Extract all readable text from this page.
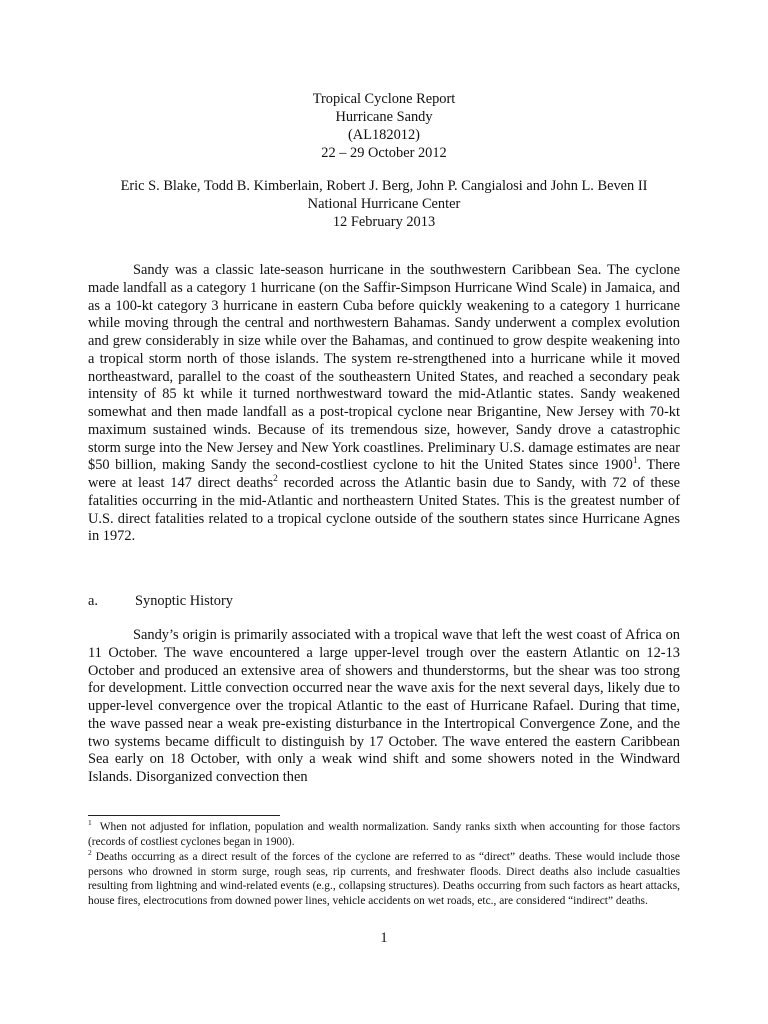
Tropical Cyclone Report
Hurricane Sandy
(AL182012)
22 – 29 October 2012
Eric S. Blake, Todd B. Kimberlain, Robert J. Berg, John P. Cangialosi and John L. Beven II
National Hurricane Center
12 February 2013

Sandy was a classic late-season hurricane in the southwestern Caribbean Sea. The cyclone made landfall as a category 1 hurricane (on the Saffir-Simpson Hurricane Wind Scale) in Jamaica, and as a 100-kt category 3 hurricane in eastern Cuba before quickly weakening to a category 1 hurricane while moving through the central and northwestern Bahamas. Sandy underwent a complex evolution and grew considerably in size while over the Bahamas, and continued to grow despite weakening into a tropical storm north of those islands. The system re-strengthened into a hurricane while it moved northeastward, parallel to the coast of the southeastern United States, and reached a secondary peak intensity of 85 kt while it turned northwestward toward the mid-Atlantic states. Sandy weakened somewhat and then made landfall as a post-tropical cyclone near Brigantine, New Jersey with 70-kt maximum sustained winds. Because of its tremendous size, however, Sandy drove a catastrophic storm surge into the New Jersey and New York coastlines. Preliminary U.S. damage estimates are near $50 billion, making Sandy the second-costliest cyclone to hit the United States since 1900$^1$. There were at least 147 direct deaths$^2$ recorded across the Atlantic basin due to Sandy, with 72 of these fatalities occurring in the mid-Atlantic and northeastern United States. This is the greatest number of U.S. direct fatalities related to a tropical cyclone outside of the southern states since Hurricane Agnes in 1972.

a.	Synoptic History

Sandy’s origin is primarily associated with a tropical wave that left the west coast of Africa on 11 October. The wave encountered a large upper-level trough over the eastern Atlantic on 12-13 October and produced an extensive area of showers and thunderstorms, but the shear was too strong for development. Little convection occurred near the wave axis for the next several days, likely due to upper-level convergence over the tropical Atlantic to the east of Hurricane Rafael. During that time, the wave passed near a weak pre-existing disturbance in the Intertropical Convergence Zone, and the two systems became difficult to distinguish by 17 October. The wave entered the eastern Caribbean Sea early on 18 October, with only a weak wind shift and some showers noted in the Windward Islands. Disorganized convection then

$^1$ When not adjusted for inflation, population and wealth normalization. Sandy ranks sixth when accounting for those factors (records of costliest cyclones began in 1900).

$^2$ Deaths occurring as a direct result of the forces of the cyclone are referred to as “direct” deaths. These would include those persons who drowned in storm surge, rough seas, rip currents, and freshwater floods. Direct deaths also include casualties resulting from lightning and wind-related events (e.g., collapsing structures). Deaths occurring from such factors as heart attacks, house fires, electrocutions from downed power lines, vehicle accidents on wet roads, etc., are considered “indirect” deaths.

1
